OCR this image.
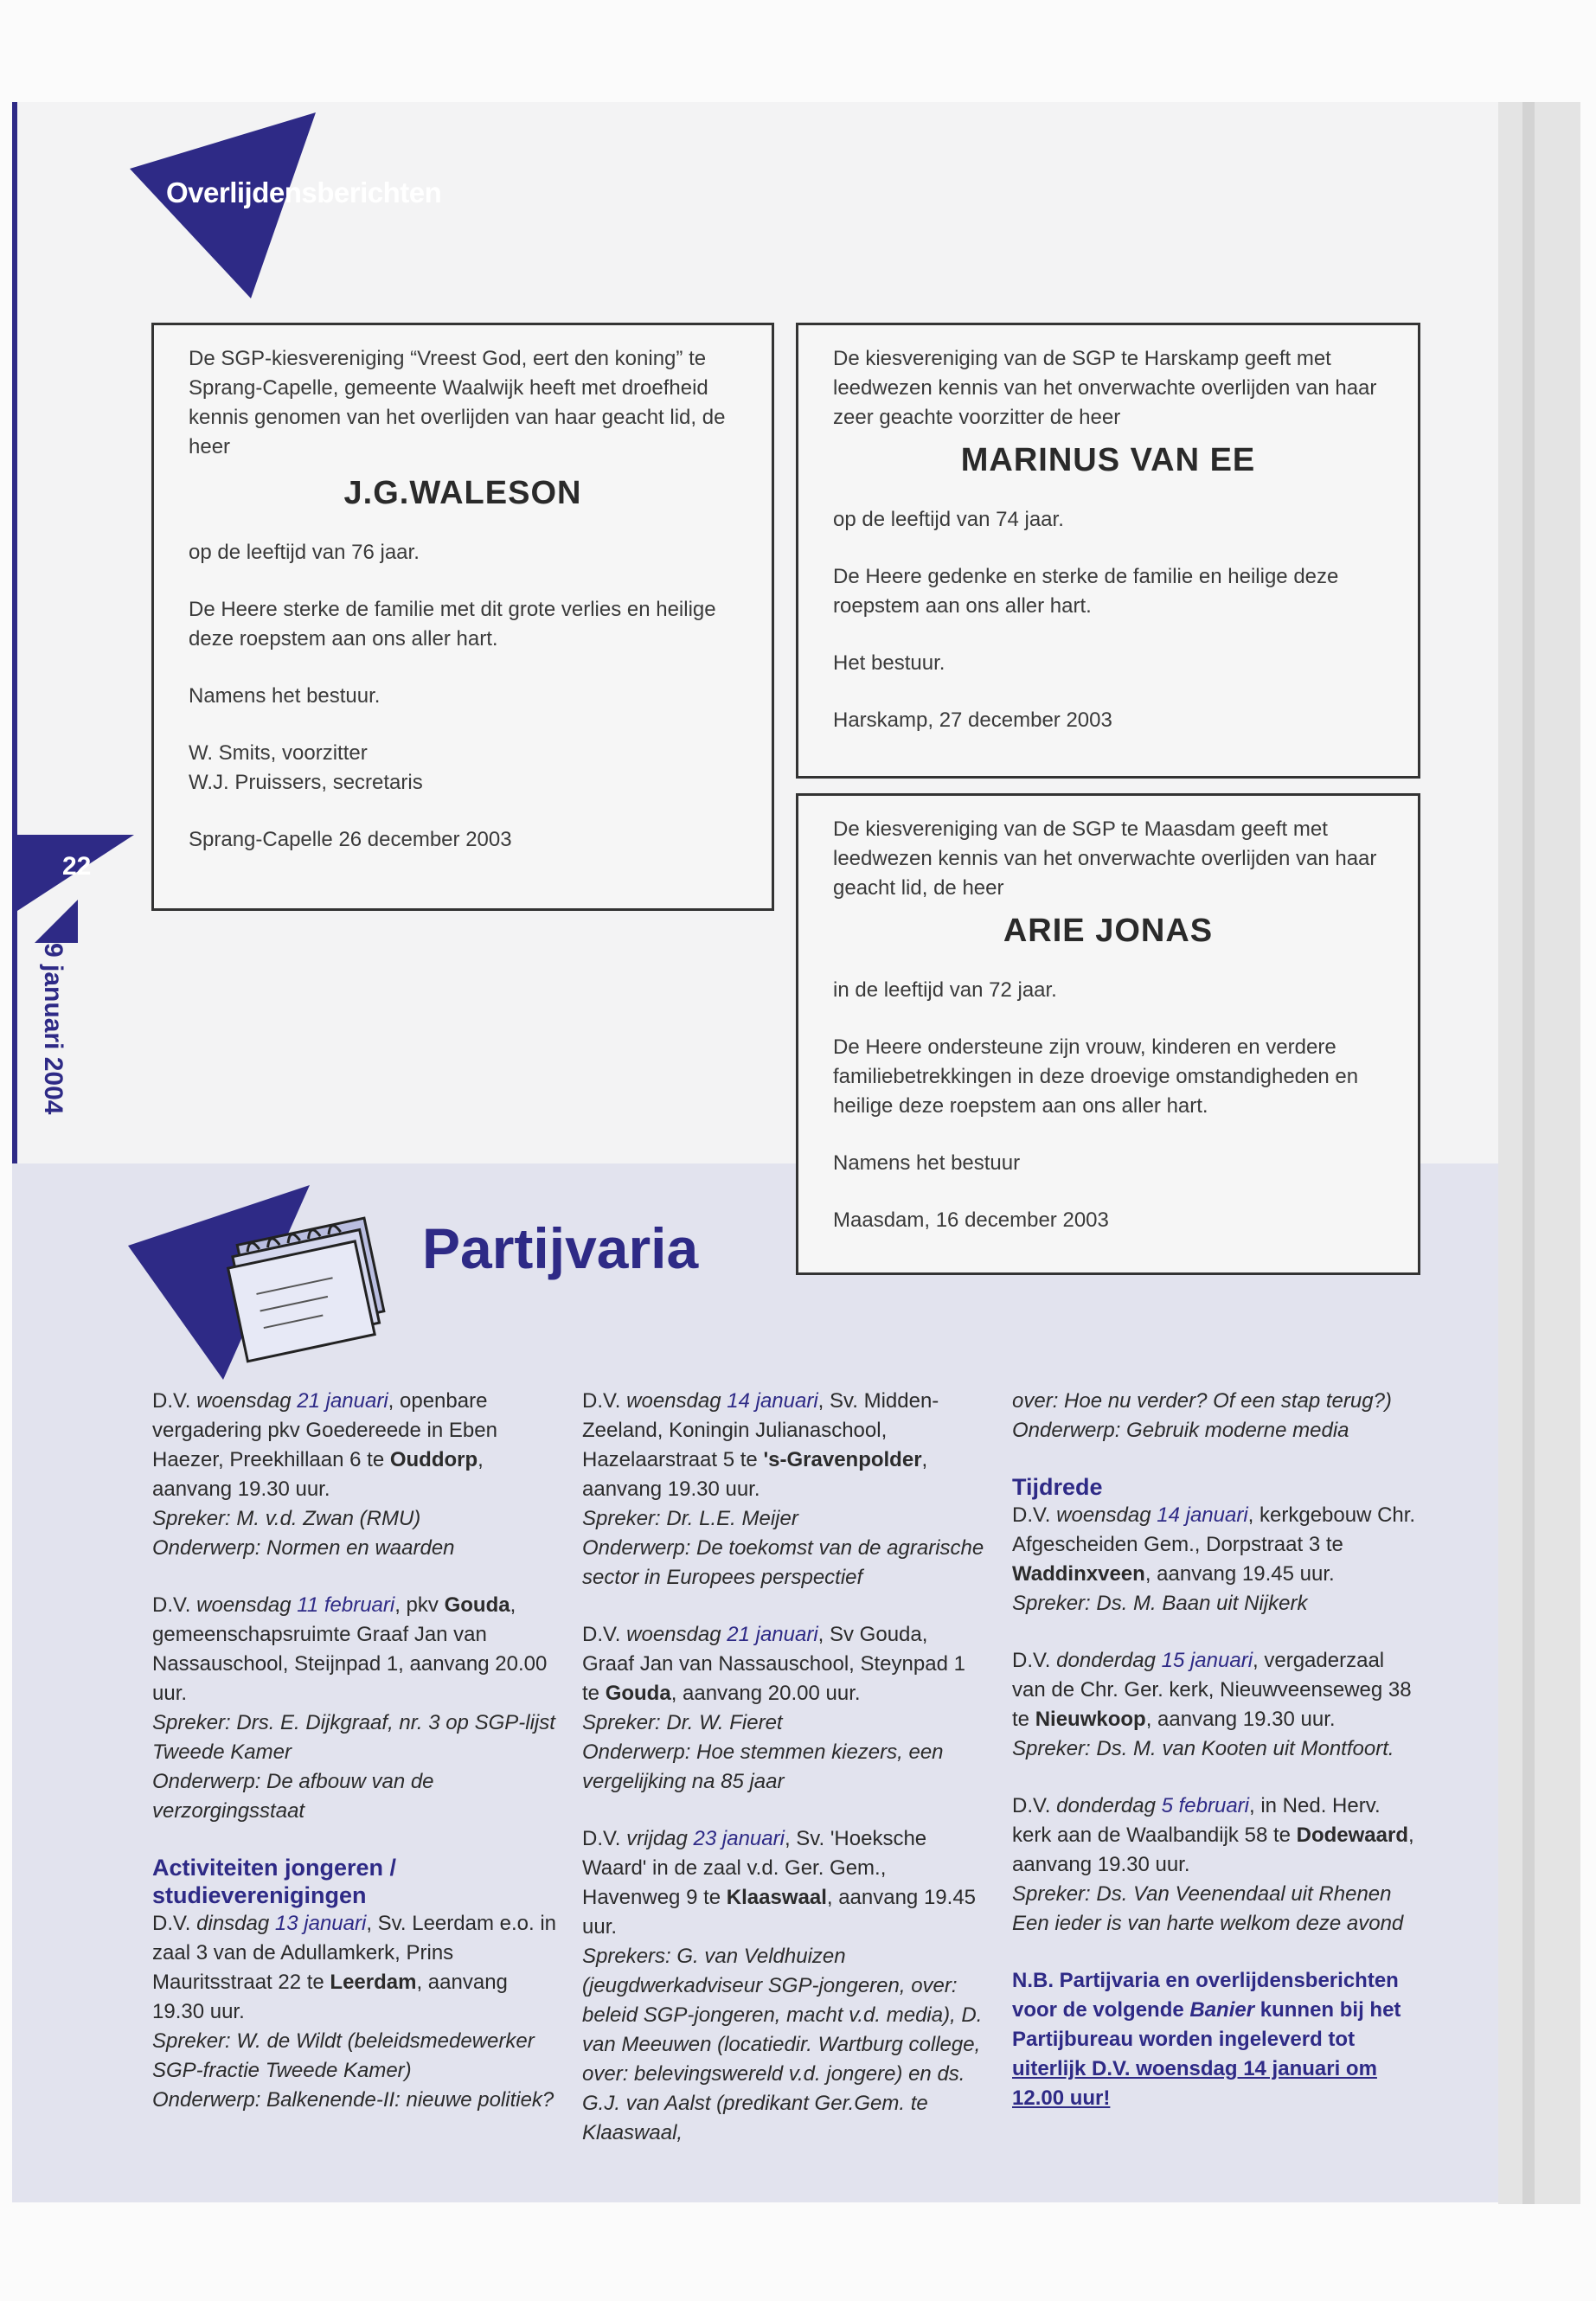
Overlijdensberichten
22
9 januari 2004

De SGP-kiesvereniging “Vreest God, eert den koning” te Sprang-Capelle, gemeente Waalwijk heeft met droefheid kennis genomen van het overlijden van haar geacht lid, de heer

J.G.WALESON

op de leeftijd van 76 jaar.

De Heere sterke de familie met dit grote verlies en heilige deze roepstem aan ons aller hart.

Namens het bestuur.

W. Smits, voorzitter
W.J. Pruissers, secretaris

Sprang-Capelle 26 december 2003

De kiesvereniging van de SGP te Harskamp geeft met leedwezen kennis van het onverwachte overlijden van haar zeer geachte voorzitter de heer

MARINUS VAN EE

op de leeftijd van 74 jaar.

De Heere gedenke en sterke de familie en heilige deze roepstem aan ons aller hart.

Het bestuur.

Harskamp, 27 december 2003

De kiesvereniging van de SGP te Maasdam geeft met leedwezen kennis van het onverwachte overlijden van haar geacht lid, de heer

ARIE JONAS

in de leeftijd van 72 jaar.

De Heere ondersteune zijn vrouw, kinderen en verdere familiebetrekkingen in deze droevige omstandigheden en heilige deze roepstem aan ons aller hart.

Namens het bestuur

Maasdam, 16 december 2003

Partijvaria

D.V. woensdag 21 januari, openbare vergadering pkv Goedereede in Eben Haezer, Preekhillaan 6 te Ouddorp, aanvang 19.30 uur.
Spreker: M. v.d. Zwan (RMU)
Onderwerp: Normen en waarden

D.V. woensdag 11 februari, pkv Gouda, gemeenschapsruimte Graaf Jan van Nassauschool, Steijnpad 1, aanvang 20.00 uur.
Spreker: Drs. E. Dijkgraaf, nr. 3 op SGP-lijst Tweede Kamer
Onderwerp: De afbouw van de verzorgingsstaat

Activiteiten jongeren / studieverenigingen

D.V. dinsdag 13 januari, Sv. Leerdam e.o. in zaal 3 van de Adullamkerk, Prins Mauritsstraat 22 te Leerdam, aanvang 19.30 uur.
Spreker: W. de Wildt (beleidsmedewerker SGP-fractie Tweede Kamer)
Onderwerp: Balkenende-II: nieuwe politiek?

D.V. woensdag 14 januari, Sv. Midden-Zeeland, Koningin Julianaschool, Hazelaarstraat 5 te 's-Gravenpolder, aanvang 19.30 uur.
Spreker: Dr. L.E. Meijer
Onderwerp: De toekomst van de agrarische sector in Europees perspectief

D.V. woensdag 21 januari, Sv Gouda, Graaf Jan van Nassauschool, Steynpad 1 te Gouda, aanvang 20.00 uur.
Spreker: Dr. W. Fieret
Onderwerp: Hoe stemmen kiezers, een vergelijking na 85 jaar

D.V. vrijdag 23 januari, Sv. 'Hoeksche Waard' in de zaal v.d. Ger. Gem., Havenweg 9 te Klaaswaal, aanvang 19.45 uur.
Sprekers: G. van Veldhuizen (jeugdwerkadviseur SGP-jongeren, over: beleid SGP-jongeren, macht v.d. media), D. van Meeuwen (locatiedir. Wartburg college, over: belevingswereld v.d. jongere) en ds. G.J. van Aalst (predikant Ger.Gem. te Klaaswaal,

over: Hoe nu verder? Of een stap terug?)
Onderwerp: Gebruik moderne media

Tijdrede

D.V. woensdag 14 januari, kerkgebouw Chr. Afgescheiden Gem., Dorpstraat 3 te Waddinxveen, aanvang 19.45 uur.
Spreker: Ds. M. Baan uit Nijkerk

D.V. donderdag 15 januari, vergaderzaal van de Chr. Ger. kerk, Nieuwveenseweg 38 te Nieuwkoop, aanvang 19.30 uur.
Spreker: Ds. M. van Kooten uit Montfoort.

D.V. donderdag 5 februari, in Ned. Herv. kerk aan de Waalbandijk 58 te Dodewaard, aanvang 19.30 uur.
Spreker: Ds. Van Veenendaal uit Rhenen
Een ieder is van harte welkom deze avond

N.B. Partijvaria en overlijdensberichten voor de volgende Banier kunnen bij het Partijbureau worden ingeleverd tot uiterlijk D.V. woensdag 14 januari om 12.00 uur!
